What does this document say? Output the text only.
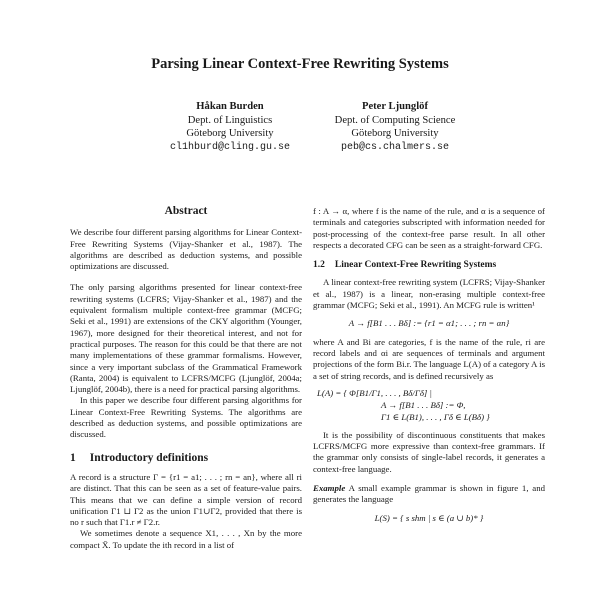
Parsing Linear Context-Free Rewriting Systems
Håkan Burden
Dept. of Linguistics
Göteborg University
cl1hburd@cling.gu.se
Peter Ljunglöf
Dept. of Computing Science
Göteborg University
peb@cs.chalmers.se
Abstract

We describe four different parsing algorithms for Linear Context-Free Rewriting Systems (Vijay-Shanker et al., 1987). The algorithms are described as deduction systems, and possible optimizations are discussed.

The only parsing algorithms presented for linear context-free rewriting systems (LCFRS; Vijay-Shanker et al., 1987) and the equivalent formalism multiple context-free grammar (MCFG; Seki et al., 1991) are extensions of the CKY algorithm (Younger, 1967), more designed for their theoretical interest, and not for practical purposes. The reason for this could be that there are not many implementations of these grammar formalisms. However, since a very important subclass of the Grammatical Framework (Ranta, 2004) is equivalent to LCFRS/MCFG (Ljunglöf, 2004a; Ljunglöf, 2004b), there is a need for practical parsing algorithms.

In this paper we describe four different parsing algorithms for Linear Context-Free Rewriting Systems. The algorithms are described as deduction systems, and possible optimizations are discussed.

1 Introductory definitions

A record is a structure Γ = {r1 = a1; . . . ; rn = an}, where all ri are distinct. That this can be seen as a set of feature-value pairs. This means that we can define a simple version of record unification Γ1 ⊔ Γ2 as the union Γ1∪Γ2, provided that there is no r such that Γ1.r ≠ Γ2.r.

We sometimes denote a sequence X1, . . . , Xn by the more compact X̄. To update the ith record in a list of

f : A → α, where f is the name of the rule, and α is a sequence of terminals and categories subscripted with information needed for post-processing of the context-free parse result. In all other respects a decorated CFG can be seen as a straight-forward CFG.

1.2 Linear Context-Free Rewriting Systems

A linear context-free rewriting system (LCFRS; Vijay-Shanker et al., 1987) is a linear, non-erasing multiple context-free grammar (MCFG; Seki et al., 1991). An MCFG rule is written¹

A → f[B1 . . . Bδ] := {r1 = α1; . . . ; rn = αn}

where A and Bi are categories, f is the name of the rule, ri are record labels and αi are sequences of terminals and argument projections of the form Bi.r. The language L(A) of a category A is a set of string records, and is defined recursively as

L(A) = { Φ[B1/Γ1, . . . , Bδ/Γδ] |
A → f[B1 . . . Bδ] := Φ,
Γ1 ∈ L(B1), . . . , Γδ ∈ L(Bδ) }

It is the possibility of discontinuous constituents that makes LCFRS/MCFG more expressive than context-free grammars. If the grammar only consists of single-label records, it generates a context-free language.

Example A small example grammar is shown in figure 1, and generates the language

L(S) = { s shm | s ∈ (a ∪ b)* }
